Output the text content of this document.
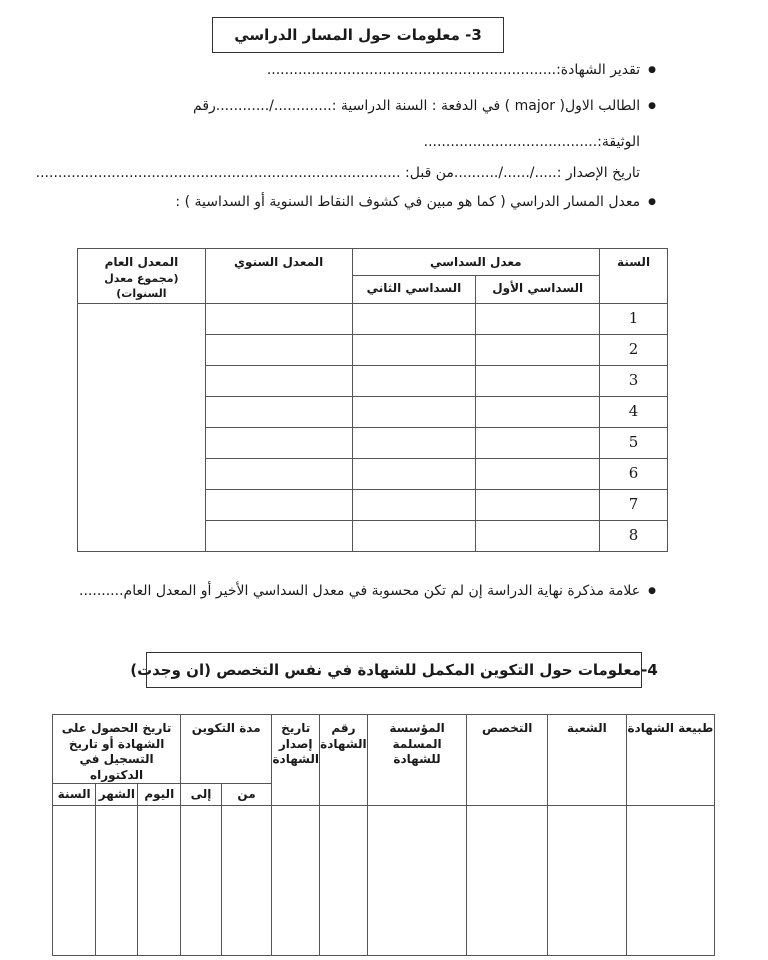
3- معلومات حول المسار الدراسي
● تقدير الشهادة:.................................................................
● الطالب الاول( major ) في الدفعة : السنة الدراسية :............./............رقم
الوثيقة:.......................................
تاريخ الإصدار :...../....../..........من قبل: ..................................................................................
● معدل المسار الدراسي ( كما هو مبين في كشوف النقاط السنوية أو السداسية ) :
السنة	معدل السداسي		المعدل السنوي	المعدل العام
(مجموع معدل السنوات)
	السداسي الأول	السداسي الثاني		
1				
2				
3				
4				
5				
6				
7				
8				
● علامة مذكرة نهاية الدراسة إن لم تكن محسوبة في معدل السداسي الأخير أو المعدل العام..........
4-معلومات حول التكوين المكمل للشهادة في نفس التخصص (ان وجدت)
طبيعة الشهادة	الشعبة	التخصص	المؤسسة المسلمة للشهادة	رقم الشهادة	تاريخ إصدار الشهادة	مدة التكوين		تاريخ الحصول على الشهادة أو تاريخ التسجيل في الدكتوراه		
						من	إلى	اليوم	الشهر	السنة
